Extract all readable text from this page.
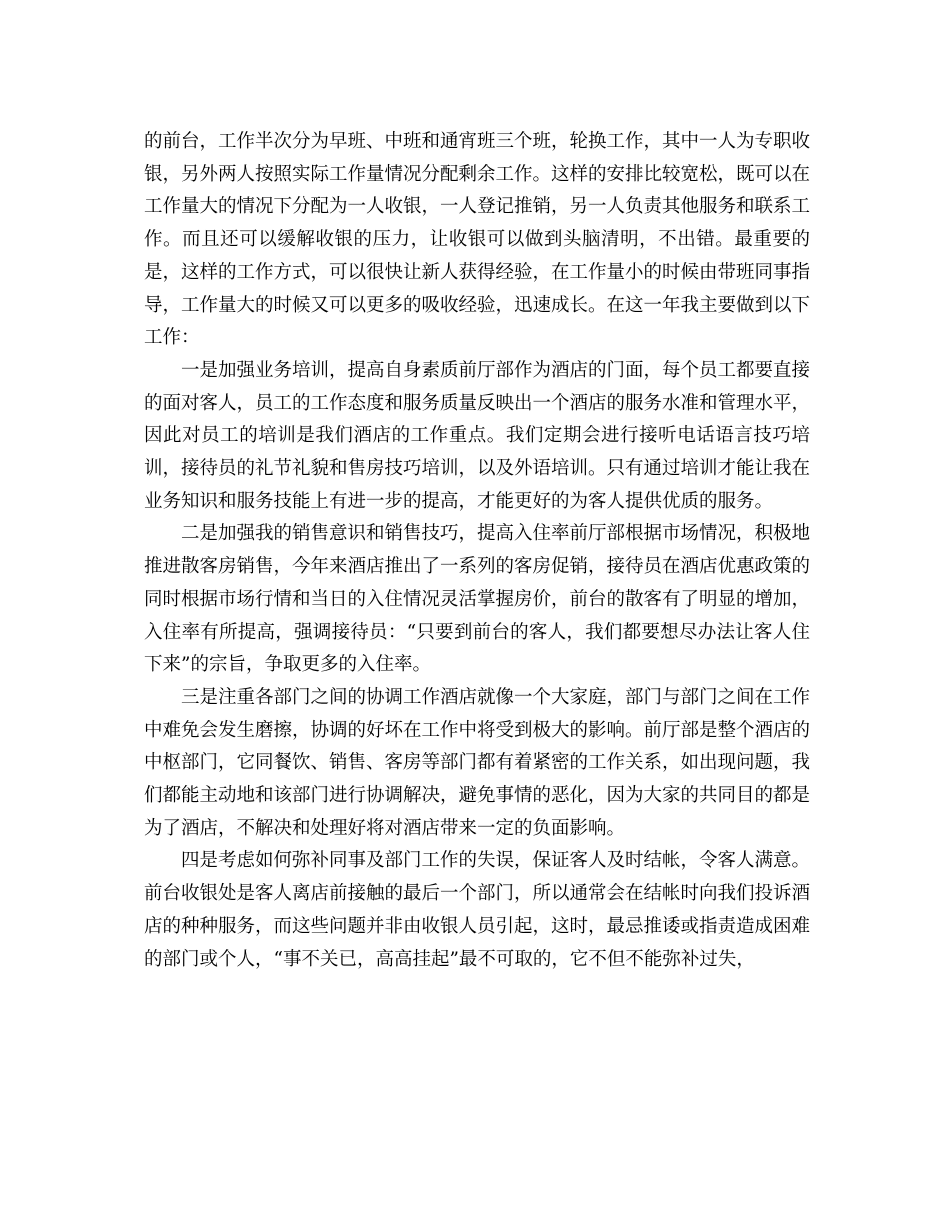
的前台，工作半次分为早班、中班和通宵班三个班，轮换工作，其中一人为专职收银，另外两人按照实际工作量情况分配剩余工作。这样的安排比较宽松，既可以在工作量大的情况下分配为一人收银，一人登记推销，另一人负责其他服务和联系工作。而且还可以缓解收银的压力，让收银可以做到头脑清明，不出错。最重要的是，这样的工作方式，可以很快让新人获得经验，在工作量小的时候由带班同事指导，工作量大的时候又可以更多的吸收经验，迅速成长。在这一年我主要做到以下工作：

一是加强业务培训，提高自身素质前厅部作为酒店的门面，每个员工都要直接的面对客人，员工的工作态度和服务质量反映出一个酒店的服务水准和管理水平，因此对员工的培训是我们酒店的工作重点。我们定期会进行接听电话语言技巧培训，接待员的礼节礼貌和售房技巧培训，以及外语培训。只有通过培训才能让我在业务知识和服务技能上有进一步的提高，才能更好的为客人提供优质的服务。

二是加强我的销售意识和销售技巧，提高入住率前厅部根据市场情况，积极地推进散客房销售，今年来酒店推出了一系列的客房促销，接待员在酒店优惠政策的同时根据市场行情和当日的入住情况灵活掌握房价，前台的散客有了明显的增加，入住率有所提高，强调接待员：“只要到前台的客人，我们都要想尽办法让客人住下来”的宗旨，争取更多的入住率。

三是注重各部门之间的协调工作酒店就像一个大家庭，部门与部门之间在工作中难免会发生磨擦，协调的好坏在工作中将受到极大的影响。前厅部是整个酒店的中枢部门，它同餐饮、销售、客房等部门都有着紧密的工作关系，如出现问题，我们都能主动地和该部门进行协调解决，避免事情的恶化，因为大家的共同目的都是为了酒店，不解决和处理好将对酒店带来一定的负面影响。

四是考虑如何弥补同事及部门工作的失误，保证客人及时结帐，令客人满意。前台收银处是客人离店前接触的最后一个部门，所以通常会在结帐时向我们投诉酒店的种种服务，而这些问题并非由收银人员引起，这时，最忌推诿或指责造成困难的部门或个人，“事不关已，高高挂起”最不可取的，它不但不能弥补过失，
